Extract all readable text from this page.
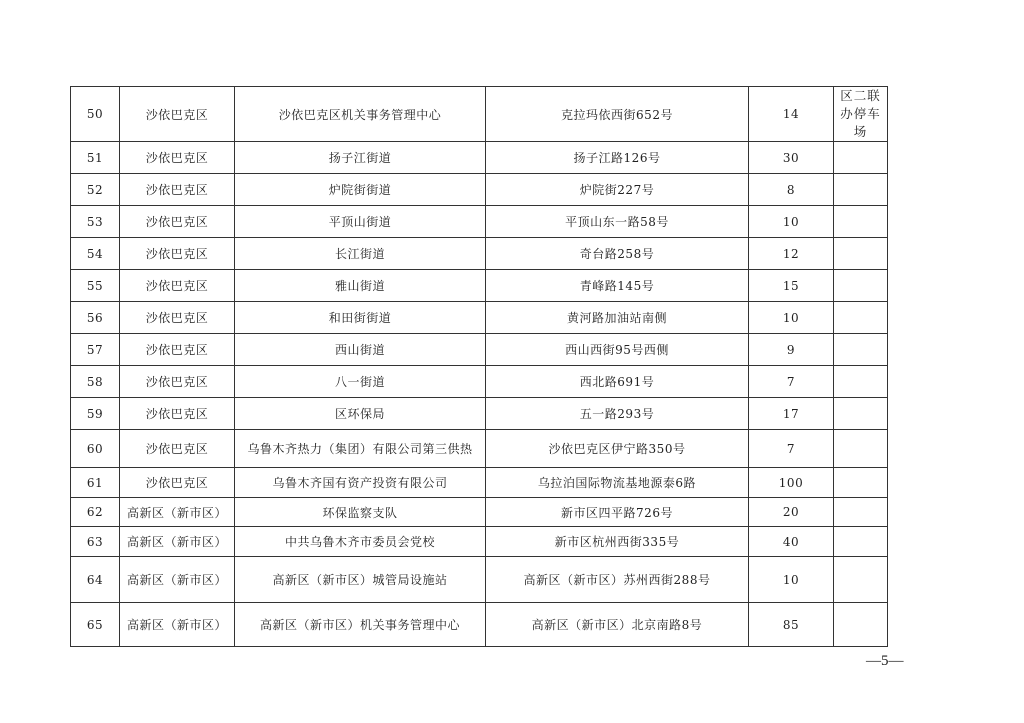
50	沙依巴克区	沙依巴克区机关事务管理中心	克拉玛依西街652号	14	区二联办停车场
51	沙依巴克区	扬子江街道	扬子江路126号	30	
52	沙依巴克区	炉院街街道	炉院街227号	8	
53	沙依巴克区	平顶山街道	平顶山东一路58号	10	
54	沙依巴克区	长江街道	奇台路258号	12	
55	沙依巴克区	雅山街道	青峰路145号	15	
56	沙依巴克区	和田街街道	黄河路加油站南侧	10	
57	沙依巴克区	西山街道	西山西街95号西侧	9	
58	沙依巴克区	八一街道	西北路691号	7	
59	沙依巴克区	区环保局	五一路293号	17	
60	沙依巴克区	乌鲁木齐热力（集团）有限公司第三供热	沙依巴克区伊宁路350号	7	
61	沙依巴克区	乌鲁木齐国有资产投资有限公司	乌拉泊国际物流基地源泰6路	100	
62	高新区（新市区）	环保监察支队	新市区四平路726号	20	
63	高新区（新市区）	中共乌鲁木齐市委员会党校	新市区杭州西街335号	40	
64	高新区（新市区）	高新区（新市区）城管局设施站	高新区（新市区）苏州西街288号	10	
65	高新区（新市区）	高新区（新市区）机关事务管理中心	高新区（新市区）北京南路8号	85	
—5—
